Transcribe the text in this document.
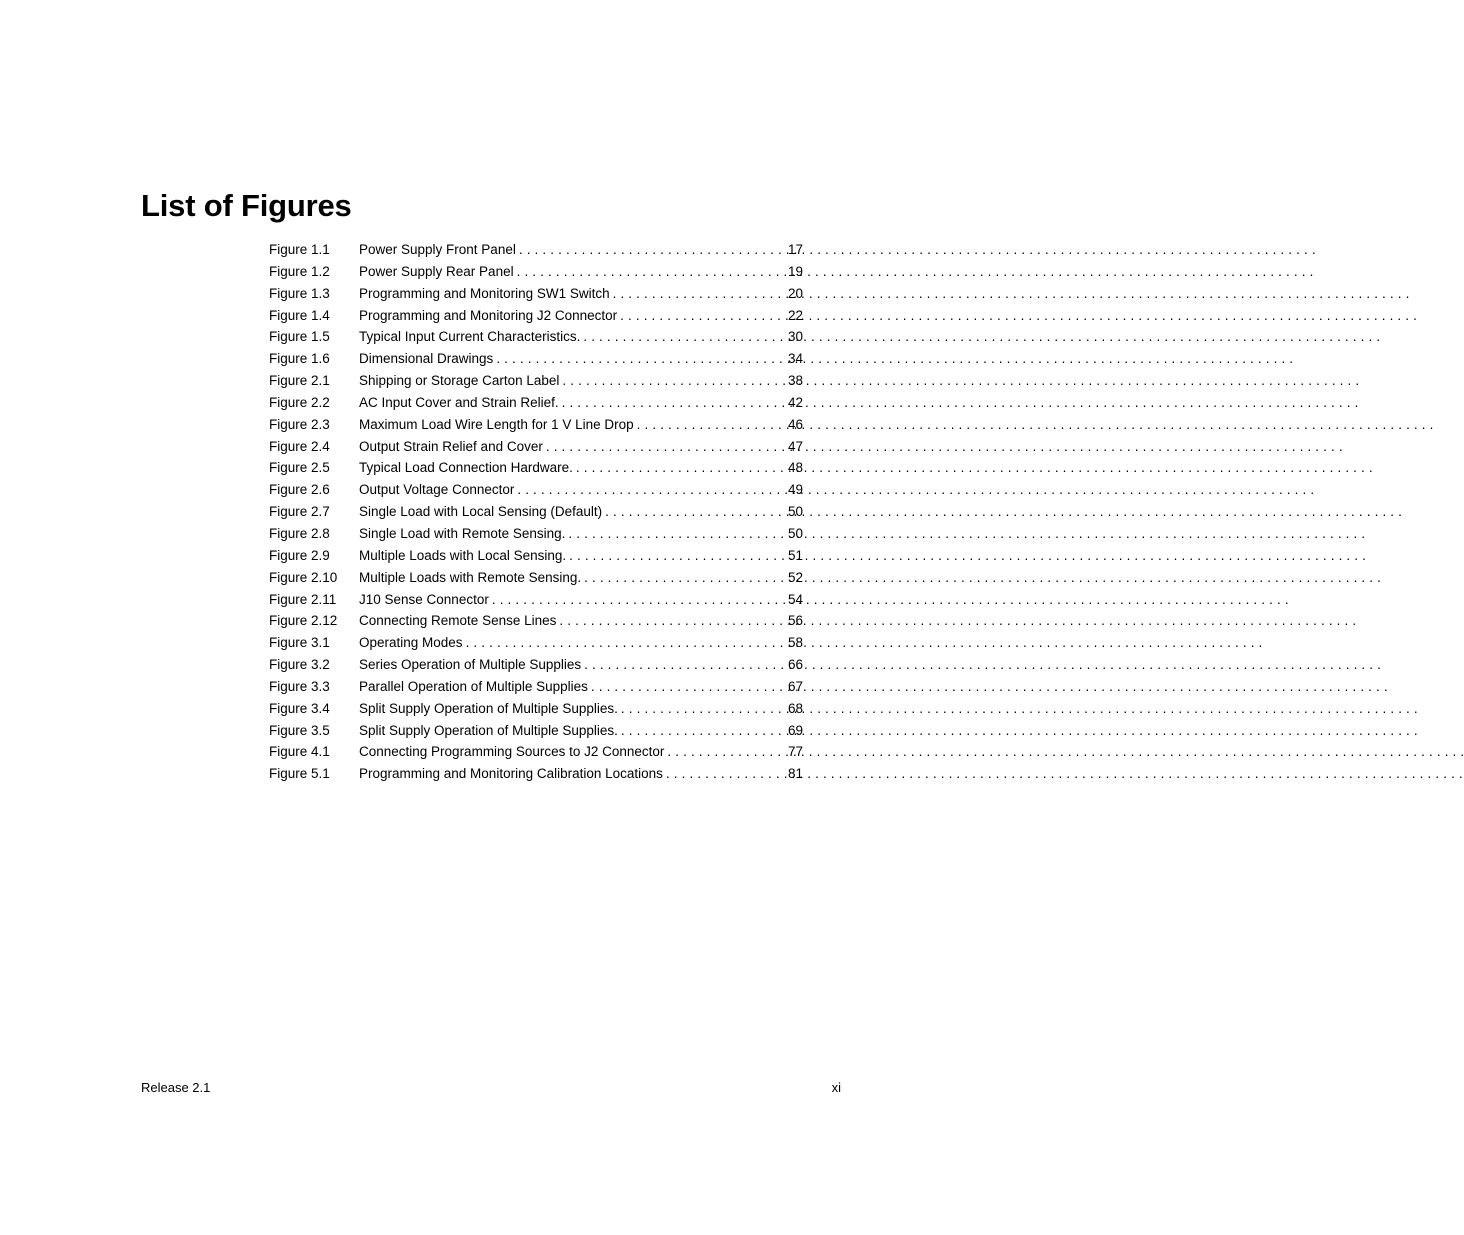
List of Figures
Figure 1.1	Power Supply Front Panel . . .	17
Figure 1.2	Power Supply Rear Panel . . .	19
Figure 1.3	Programming and Monitoring SW1 Switch . . .	20
Figure 1.4	Programming and Monitoring J2 Connector . . .	22
Figure 1.5	Typical Input Current Characteristics. . . .	30
Figure 1.6	Dimensional Drawings . . .	34
Figure 2.1	Shipping or Storage Carton Label . . .	38
Figure 2.2	AC Input Cover and Strain Relief. . . .	42
Figure 2.3	Maximum Load Wire Length for 1 V Line Drop . . .	46
Figure 2.4	Output Strain Relief and Cover . . .	47
Figure 2.5	Typical Load Connection Hardware. . . .	48
Figure 2.6	Output Voltage Connector . . .	49
Figure 2.7	Single Load with Local Sensing (Default) . . .	50
Figure 2.8	Single Load with Remote Sensing. . . .	50
Figure 2.9	Multiple Loads with Local Sensing. . . .	51
Figure 2.10	Multiple Loads with Remote Sensing. . . .	52
Figure 2.11	J10 Sense Connector . . .	54
Figure 2.12	Connecting Remote Sense Lines . . .	56
Figure 3.1	Operating Modes . . .	58
Figure 3.2	Series Operation of Multiple Supplies . . .	66
Figure 3.3	Parallel Operation of Multiple Supplies . . .	67
Figure 3.4	Split Supply Operation of Multiple Supplies. . . .	68
Figure 3.5	Split Supply Operation of Multiple Supplies. . . .	69
Figure 4.1	Connecting Programming Sources to J2 Connector . . .	77
Figure 5.1	Programming and Monitoring Calibration Locations . . .	81
Release 2.1	xi
